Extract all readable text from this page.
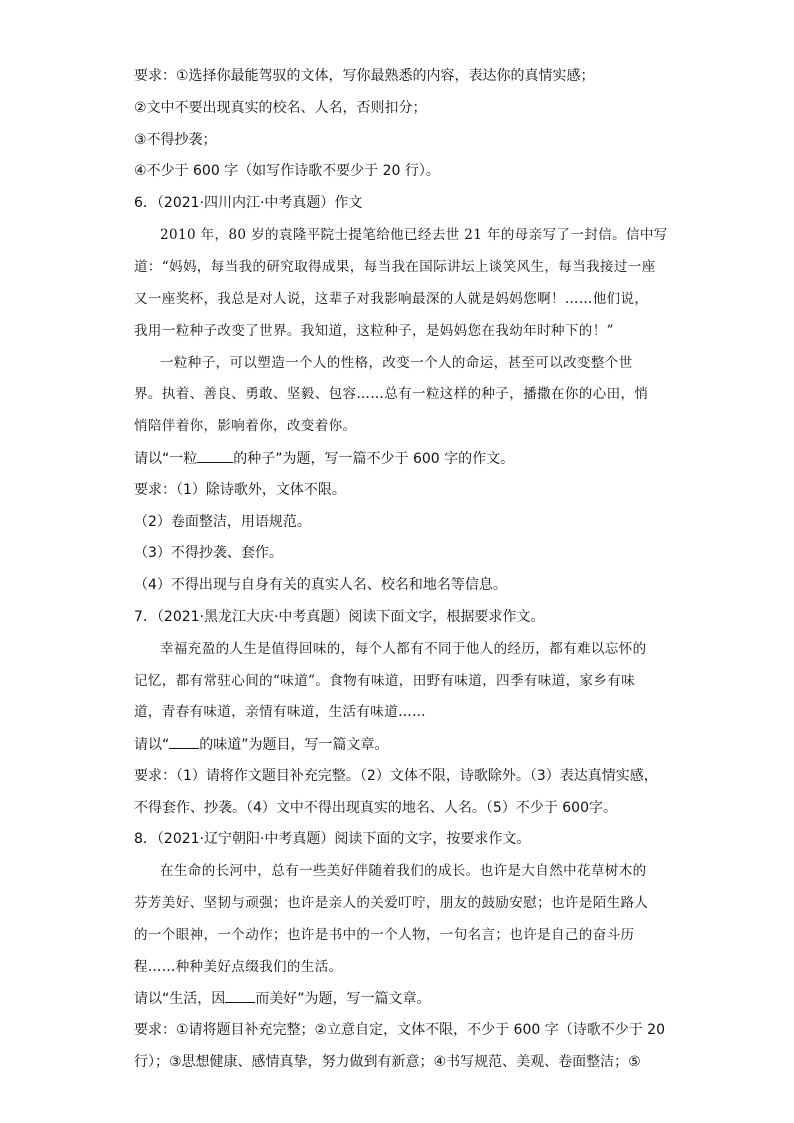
要求：①选择你最能驾驭的文体，写你最熟悉的内容，表达你的真情实感；
②文中不要出现真实的校名、人名，否则扣分；
③不得抄袭；
④不少于 600 字（如写作诗歌不要少于 20 行）。
6．（2021·四川内江·中考真题）作文
2010 年，80 岁的袁隆平院士提笔给他已经去世 21 年的母亲写了一封信。信中写
道：“妈妈，每当我的研究取得成果，每当我在国际讲坛上谈笑风生，每当我接过一座
又一座奖杯，我总是对人说，这辈子对我影响最深的人就是妈妈您啊！……他们说，
我用一粒种子改变了世界。我知道，这粒种子，是妈妈您在我幼年时种下的！”
一粒种子，可以塑造一个人的性格，改变一个人的命运，甚至可以改变整个世
界。执着、善良、勇敢、坚毅、包容……总有一粒这样的种子，播撒在你的心田，悄
悄陪伴着你，影响着你，改变着你。
请以“一粒	的种子”为题，写一篇不少于 600 字的作文。
要求：（1）除诗歌外，文体不限。
（2）卷面整洁，用语规范。
（3）不得抄袭、套作。
（4）不得出现与自身有关的真实人名、校名和地名等信息。
7．（2021·黑龙江大庆·中考真题）阅读下面文字，根据要求作文。
幸福充盈的人生是值得回味的，每个人都有不同于他人的经历，都有难以忘怀的
记忆，都有常驻心间的“味道”。食物有味道，田野有味道，四季有味道，家乡有味
道，青春有味道，亲情有味道，生活有味道……
请以“ 的味道”为题目，写一篇文章。
要求：（1）请将作文题目补充完整。（2）文体不限，诗歌除外。（3）表达真情实感，
不得套作、抄袭。（4）文中不得出现真实的地名、人名。（5）不少于 600字。
8．（2021·辽宁朝阳·中考真题）阅读下面的文字，按要求作文。
在生命的长河中，总有一些美好伴随着我们的成长。也许是大自然中花草树木的
芬芳美好、坚韧与顽强；也许是亲人的关爱叮咛，朋友的鼓励安慰；也许是陌生路人
的一个眼神，一个动作；也许是书中的一个人物，一句名言；也许是自己的奋斗历
程……种种美好点缀我们的生活。
请以“生活，因 而美好”为题，写一篇文章。
要求：①请将题目补充完整；②立意自定，文体不限，不少于 600 字（诗歌不少于 20
行）；③思想健康、感情真挚，努力做到有新意；④书写规范、美观、卷面整洁；⑤
